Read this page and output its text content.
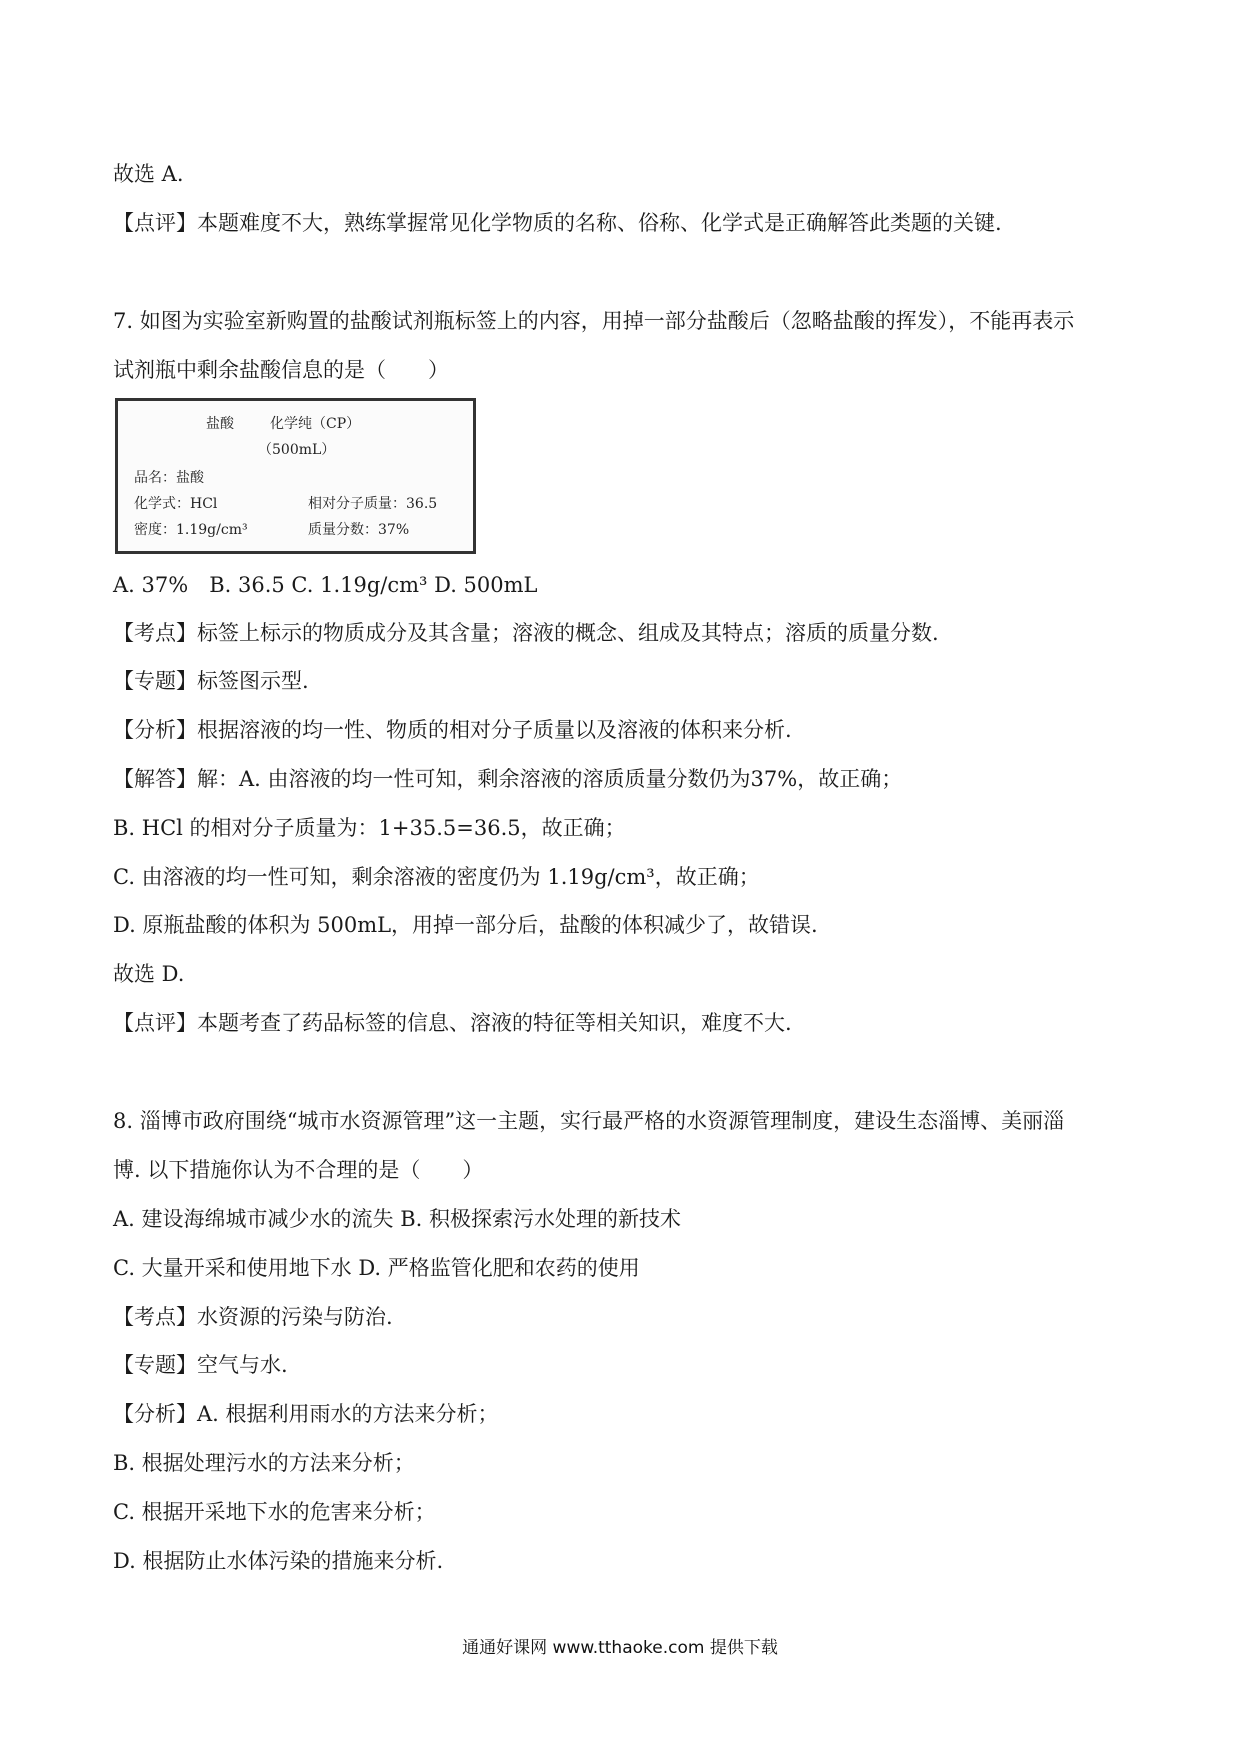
故选 A.
【点评】本题难度不大，熟练掌握常见化学物质的名称、俗称、化学式是正确解答此类题的关键.
7. 如图为实验室新购置的盐酸试剂瓶标签上的内容，用掉一部分盐酸后（忽略盐酸的挥发），不能再表示
试剂瓶中剩余盐酸信息的是（　　）
盐酸	化学纯（CP）
（500mL）
品名：盐酸
化学式：HCl	相对分子质量：36.5
密度：1.19g/cm³	质量分数：37%
A. 37%　B. 36.5 C. 1.19g/cm³ D. 500mL
【考点】标签上标示的物质成分及其含量；溶液的概念、组成及其特点；溶质的质量分数.
【专题】标签图示型.
【分析】根据溶液的均一性、物质的相对分子质量以及溶液的体积来分析.
【解答】解：A. 由溶液的均一性可知，剩余溶液的溶质质量分数仍为37%，故正确；
B. HCl 的相对分子质量为：1+35.5=36.5，故正确；
C. 由溶液的均一性可知，剩余溶液的密度仍为 1.19g/cm³，故正确；
D. 原瓶盐酸的体积为 500mL，用掉一部分后，盐酸的体积减少了，故错误.
故选 D.
【点评】本题考查了药品标签的信息、溶液的特征等相关知识，难度不大.
8. 淄博市政府围绕“城市水资源管理”这一主题，实行最严格的水资源管理制度，建设生态淄博、美丽淄
博. 以下措施你认为不合理的是（　　）
A. 建设海绵城市减少水的流失 B. 积极探索污水处理的新技术
C. 大量开采和使用地下水 D. 严格监管化肥和农药的使用
【考点】水资源的污染与防治.
【专题】空气与水.
【分析】A. 根据利用雨水的方法来分析；
B. 根据处理污水的方法来分析；
C. 根据开采地下水的危害来分析；
D. 根据防止水体污染的措施来分析.
通通好课网 www.tthaoke.com 提供下载
